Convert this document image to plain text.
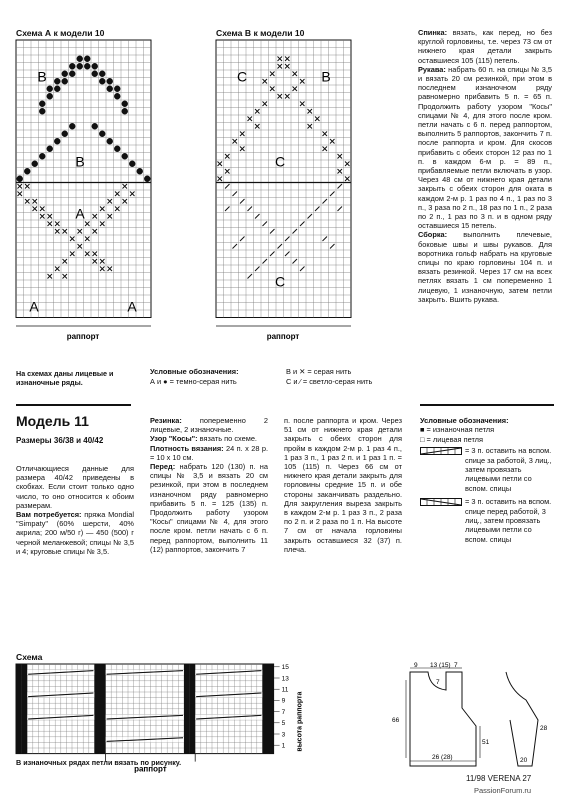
Схема А к модели 10
B
B
А
А	А
раппорт
Схема В к модели 10
С	В
С
С
раппорт

Спинка: вязать, как перед, но без круглой горловины, т.е. через 73 см от нижнего края детали закрыть оставшиеся 105 (115) петель.

Рукава: набрать 60 п. на спицы № 3,5 и вязать 20 см резинкой, при этом в последнем изнаночном ряду равномерно прибавить 5 п. = 65 п. Продолжить работу узором "Косы" спицами № 4, для этого после кром. петли начать с 6 п. перед раппортом, выполнить 5 раппортов, закончить 7 п. после раппорта и кром. Для скосов прибавить с обеих сторон 12 раз по 1 п. в каждом 6-м р. = 89 п., прибавляемые петли включать в узор. Через 48 см от нижнего края детали закрыть с обеих сторон для оката в каждом 2-м р. 1 раз по 4 п., 1 раз по 3 п., 3 раза по 2 п., 18 раз по 1 п., 2 раза по 2 п., 1 раз по 3 п. и в одном ряду оставшиеся 15 петель.

Сборка: выполнить плечевые, боковые швы и швы рукавов. Для воротника гольф набрать на круговые спицы по краю горловины 104 п. и вязать резинкой. Через 17 см на всех петлях вязать 1 см попеременно 1 лицевую, 1 изнаночную, затем петли закрыть. Вшить рукава.

На схемах даны лицевые и изнаночные ряды.
Условные обозначения:
А и ● = темно-серая нить
В и ✕ = серая нить
С и ⁄ = светло-серая нить
Модель 11
Размеры 36/38 и 40/42

Отличающиеся данные для размера 40/42 приведены в скобках. Если стоит только одно число, то оно относится к обоим размерам.

Вам потребуется: пряжа Mondial "Simpaty" (60% шерсти, 40% акрила; 200 м/50 г) — 450 (500) г черной меланжевой; спицы № 3,5 и 4; круговые спицы № 3,5.

Резинка: попеременно 2 лицевые, 2 изнаночные.

Узор "Косы": вязать по схеме.

Плотность вязания: 24 п. х 28 р. = 10 х 10 см.

Перед: набрать 120 (130) п. на спицы № 3,5 и вязать 20 см резинкой, при этом в последнем изнаночном ряду равномерно прибавить 5 п. = 125 (135) п. Продолжить работу узором "Косы" спицами № 4, для этого после кром. петли начать с 6 п. перед раппортом, выполнить 11 (12) раппортов, закончить 7

п. после раппорта и кром. Через 51 см от нижнего края детали закрыть с обеих сторон для пройм в каждом 2-м р. 1 раз 4 п., 1 раз 3 п., 1 раз 2 п. и 1 раз 1 п. = 105 (115) п. Через 66 см от нижнего края детали закрыть для горловины средние 15 п. и обе стороны заканчивать раздельно. Для закругления выреза закрыть в каждом 2-м р. 1 раз 3 п., 2 раза по 2 п. и 2 раза по 1 п. На высоте 7 см от начала горловины закрыть оставшиеся 32 (37) п. плеча.
Условные обозначения:
■ = изнаночная петля
□ = лицевая петля
= 3 п. оставить на вспом. спице за работой, 3 лиц., затем провязать лицевыми петли со вспом. спицы
= 3 п. оставить на вспом. спице перед работой, 3 лиц., затем провязать лицевыми петли со вспом. спицы
Схема
15
13
11
9
7
5
3
1 высота раппорта
раппорт
9 13 (15) 7
66
51
7
28
20
26 (28)
В изнаночных рядах петли вязать по рисунку.
11/98 VERENA 27
PassionForum.ru
